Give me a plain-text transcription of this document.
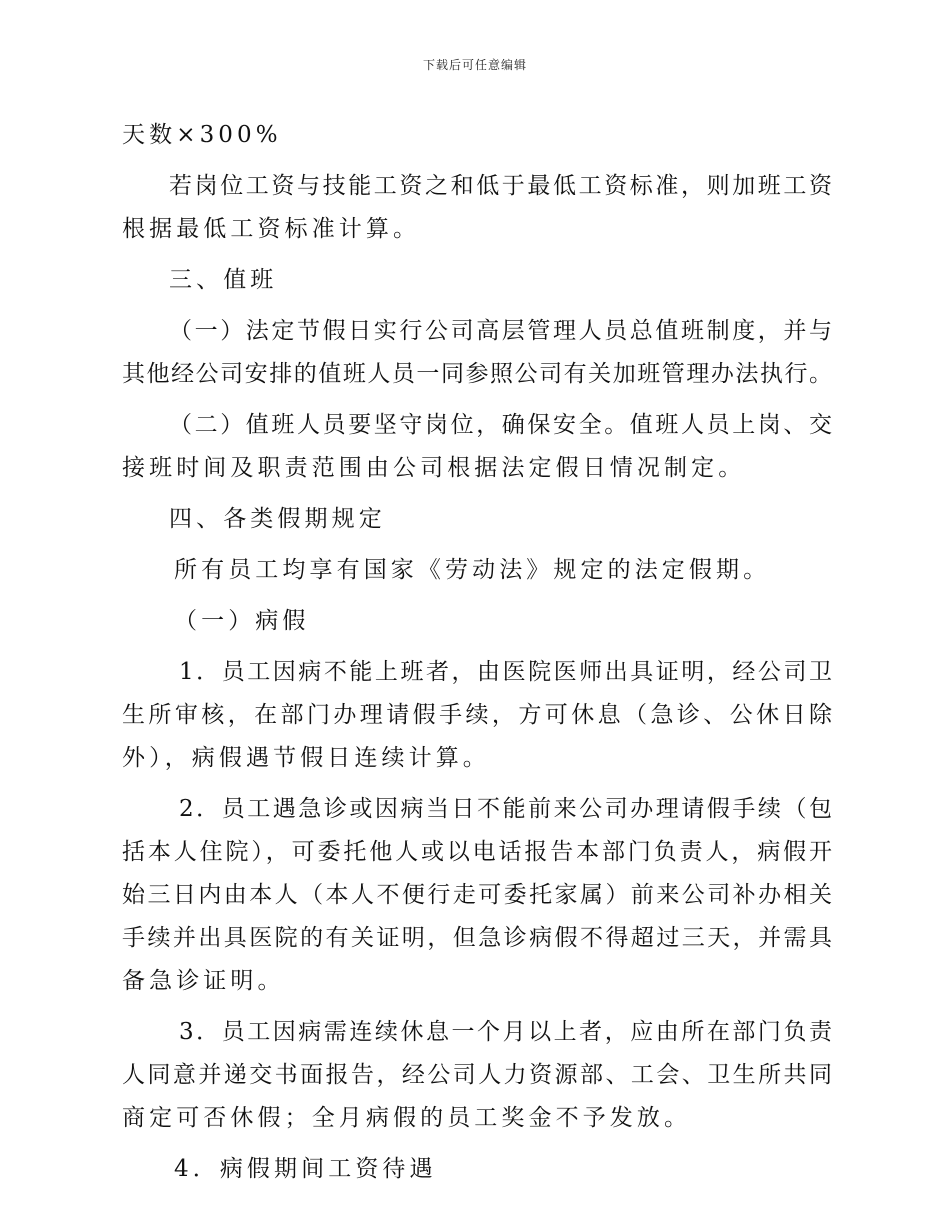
下载后可任意编辑
天数×300%
若岗位工资与技能工资之和低于最低工资标准，则加班工资
根据最低工资标准计算。
三、值班
（一）法定节假日实行公司高层管理人员总值班制度，并与
其他经公司安排的值班人员一同参照公司有关加班管理办法执行。
（二）值班人员要坚守岗位，确保安全。值班人员上岗、交
接班时间及职责范围由公司根据法定假日情况制定。
四、各类假期规定
所有员工均享有国家《劳动法》规定的法定假期。
（一）病假
1．员工因病不能上班者，由医院医师出具证明，经公司卫
生所审核，在部门办理请假手续，方可休息（急诊、公休日除
外），病假遇节假日连续计算。
2．员工遇急诊或因病当日不能前来公司办理请假手续（包
括本人住院），可委托他人或以电话报告本部门负责人，病假开
始三日内由本人（本人不便行走可委托家属）前来公司补办相关
手续并出具医院的有关证明，但急诊病假不得超过三天，并需具
备急诊证明。
3．员工因病需连续休息一个月以上者，应由所在部门负责
人同意并递交书面报告，经公司人力资源部、工会、卫生所共同
商定可否休假；全月病假的员工奖金不予发放。
4．病假期间工资待遇
